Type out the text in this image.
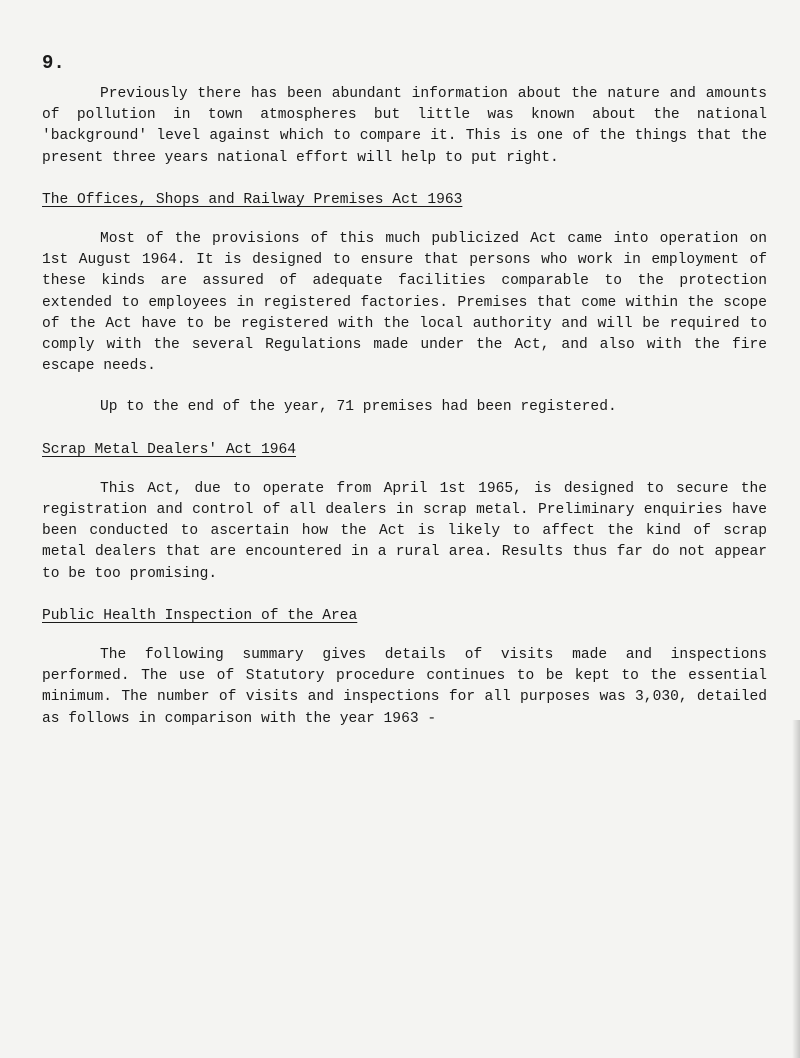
9.

Previously there has been abundant information about the nature and amounts of pollution in town atmospheres but little was known about the national 'background' level against which to compare it. This is one of the things that the present three years national effort will help to put right.

The Offices, Shops and Railway Premises Act 1963

Most of the provisions of this much publicized Act came into operation on 1st August 1964. It is designed to ensure that persons who work in employment of these kinds are assured of adequate facilities comparable to the protection extended to employees in registered factories. Premises that come within the scope of the Act have to be registered with the local authority and will be required to comply with the several Regulations made under the Act, and also with the fire escape needs.

Up to the end of the year, 71 premises had been registered.

Scrap Metal Dealers' Act 1964

This Act, due to operate from April 1st 1965, is designed to secure the registration and control of all dealers in scrap metal. Preliminary enquiries have been conducted to ascertain how the Act is likely to affect the kind of scrap metal dealers that are encountered in a rural area. Results thus far do not appear to be too promising.

Public Health Inspection of the Area

The following summary gives details of visits made and inspections performed. The use of Statutory procedure continues to be kept to the essential minimum. The number of visits and inspections for all purposes was 3,030, detailed as follows in comparison with the year 1963 -
